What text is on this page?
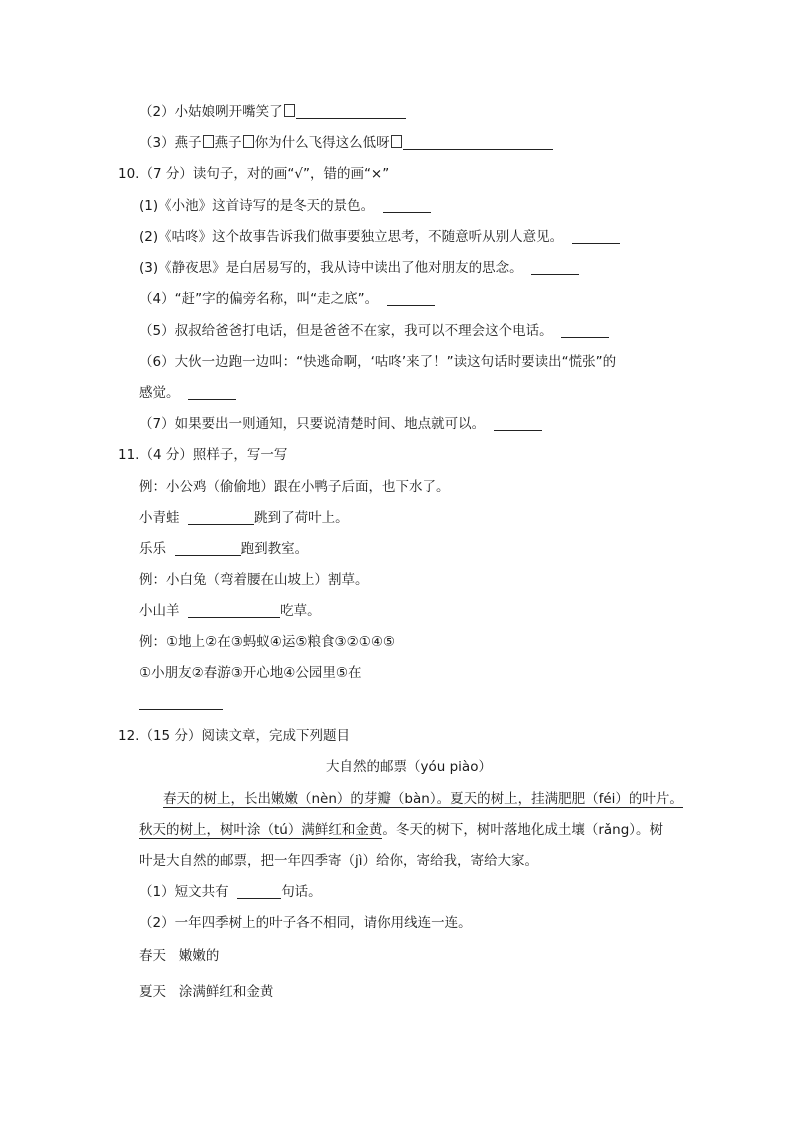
（2）小姑娘咧开嘴笑了
（3）燕子 燕子 你为什么飞得这么低呀
10.（7 分）读句子，对的画“√”，错的画“×”
(1)《小池》这首诗写的是冬天的景色。
(2)《咕咚》这个故事告诉我们做事要独立思考，不随意听从别人意见。
(3)《静夜思》是白居易写的，我从诗中读出了他对朋友的思念。
（4）“赶”字的偏旁名称，叫“走之底”。
（5）叔叔给爸爸打电话，但是爸爸不在家，我可以不理会这个电话。
（6）大伙一边跑一边叫：“快逃命啊，‘咕咚’来了！”读这句话时要读出“慌张”的
感觉。
（7）如果要出一则通知，只要说清楚时间、地点就可以。
11.（4 分）照样子，写一写
例：小公鸡（偷偷地）跟在小鸭子后面，也下水了。
小青蛙	跳到了荷叶上。
乐乐	跑到教室。
例：小白兔（弯着腰在山坡上）割草。
小山羊	吃草。
例：①地上②在③蚂蚁④运⑤粮食③②①④⑤
①小朋友②春游③开心地④公园里⑤在
12.（15 分）阅读文章，完成下列题目
大自然的邮票（yóu piào）
春天的树上，长出嫩嫩（nèn）的芽瓣（bàn）。夏天的树上，挂满肥肥（féi）的叶片。
秋天的树上，树叶涂（tú）满鲜红和金黄。冬天的树下，树叶落地化成土壤（rǎng）。树
叶是大自然的邮票，把一年四季寄（jì）给你，寄给我，寄给大家。
（1）短文共有	句话。
（2）一年四季树上的叶子各不相同，请你用线连一连。
春天 嫩嫩的
夏天 涂满鲜红和金黄
